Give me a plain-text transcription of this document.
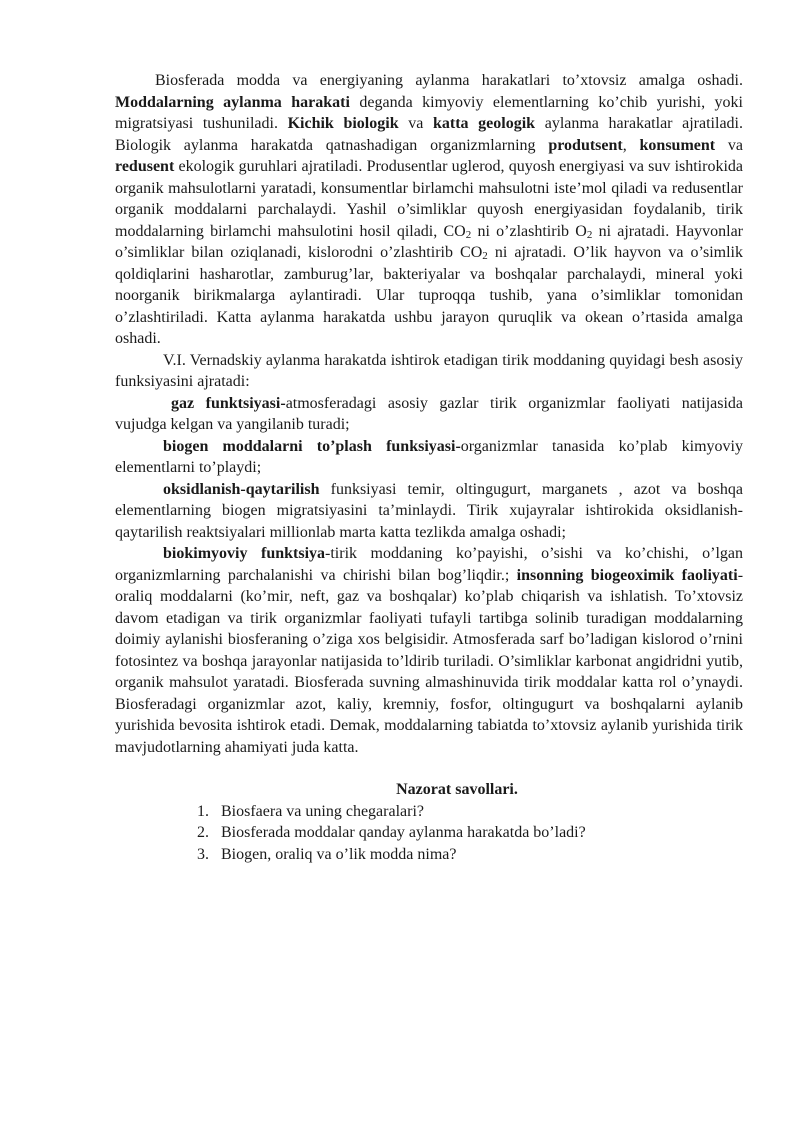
Biosferada modda va energiyaning aylanma harakatlari to’xtovsiz amalga oshadi. Moddalarning aylanma harakati deganda kimyoviy elementlarning ko’chib yurishi, yoki migratsiyasi tushuniladi. Kichik biologik va katta geologik aylanma harakatlar ajratiladi. Biologik aylanma harakatda qatnashadigan organizmlarning produtsent, konsument va redusent ekologik guruhlari ajratiladi. Produsentlar uglerod, quyosh energiyasi va suv ishtirokida organik mahsulotlarni yaratadi, konsumentlar birlamchi mahsulotni iste’mol qiladi va redusentlar organik moddalarni parchalaydi. Yashil o’simliklar quyosh energiyasidan foydalanib, tirik moddalarning birlamchi mahsulotini hosil qiladi, $CO_2$ ni o’zlashtirib $O_2$ ni ajratadi. Hayvonlar o’simliklar bilan oziqlanadi, kislorodni o’zlashtirib $CO_2$ ni ajratadi. O’lik hayvon va o’simlik qoldiqlarini hasharotlar, zamburug’lar, bakteriyalar va boshqalar parchalaydi, mineral yoki noorganik birikmalarga aylantiradi. Ular tuproqqa tushib, yana o’simliklar tomonidan o’zlashtiriladi. Katta aylanma harakatda ushbu jarayon quruqlik va okean o’rtasida amalga oshadi.

V.I. Vernadskiy aylanma harakatda ishtirok etadigan tirik moddaning quyidagi besh asosiy funksiyasini ajratadi:

gaz funktsiyasi-atmosferadagi asosiy gazlar tirik organizmlar faoliyati natijasida vujudga kelgan va yangilanib turadi;

biogen moddalarni to’plash funksiyasi-organizmlar tanasida ko’plab kimyoviy elementlarni to’playdi;

oksidlanish-qaytarilish funksiyasi temir, oltingugurt, marganets , azot va boshqa elementlarning biogen migratsiyasini ta’minlaydi. Tirik xujayralar ishtirokida oksidlanish-qaytarilish reaktsiyalari millionlab marta katta tezlikda amalga oshadi;

biokimyoviy funktsiya-tirik moddaning ko’payishi, o’sishi va ko’chishi, o’lgan organizmlarning parchalanishi va chirishi bilan bog’liqdir.; insonning biogeoximik faoliyati- oraliq moddalarni (ko’mir, neft, gaz va boshqalar) ko’plab chiqarish va ishlatish. To’xtovsiz davom etadigan va tirik organizmlar faoliyati tufayli tartibga solinib turadigan moddalarning doimiy aylanishi biosferaning o’ziga xos belgisidir. Atmosferada sarf bo’ladigan kislorod o’rnini fotosintez va boshqa jarayonlar natijasida to’ldirib turiladi. O’simliklar karbonat angidridni yutib, organik mahsulot yaratadi. Biosferada suvning almashinuvida tirik moddalar katta rol o’ynaydi. Biosferadagi organizmlar azot, kaliy, kremniy, fosfor, oltingugurt va boshqalarni aylanib yurishida bevosita ishtirok etadi. Demak, moddalarning tabiatda to’xtovsiz aylanib yurishida tirik mavjudotlarning ahamiyati juda katta.

Nazorat savollari.

1. Biosfaera va uning chegaralari?
2. Biosferada moddalar qanday aylanma harakatda bo’ladi?
3. Biogen, oraliq va o’lik modda nima?
